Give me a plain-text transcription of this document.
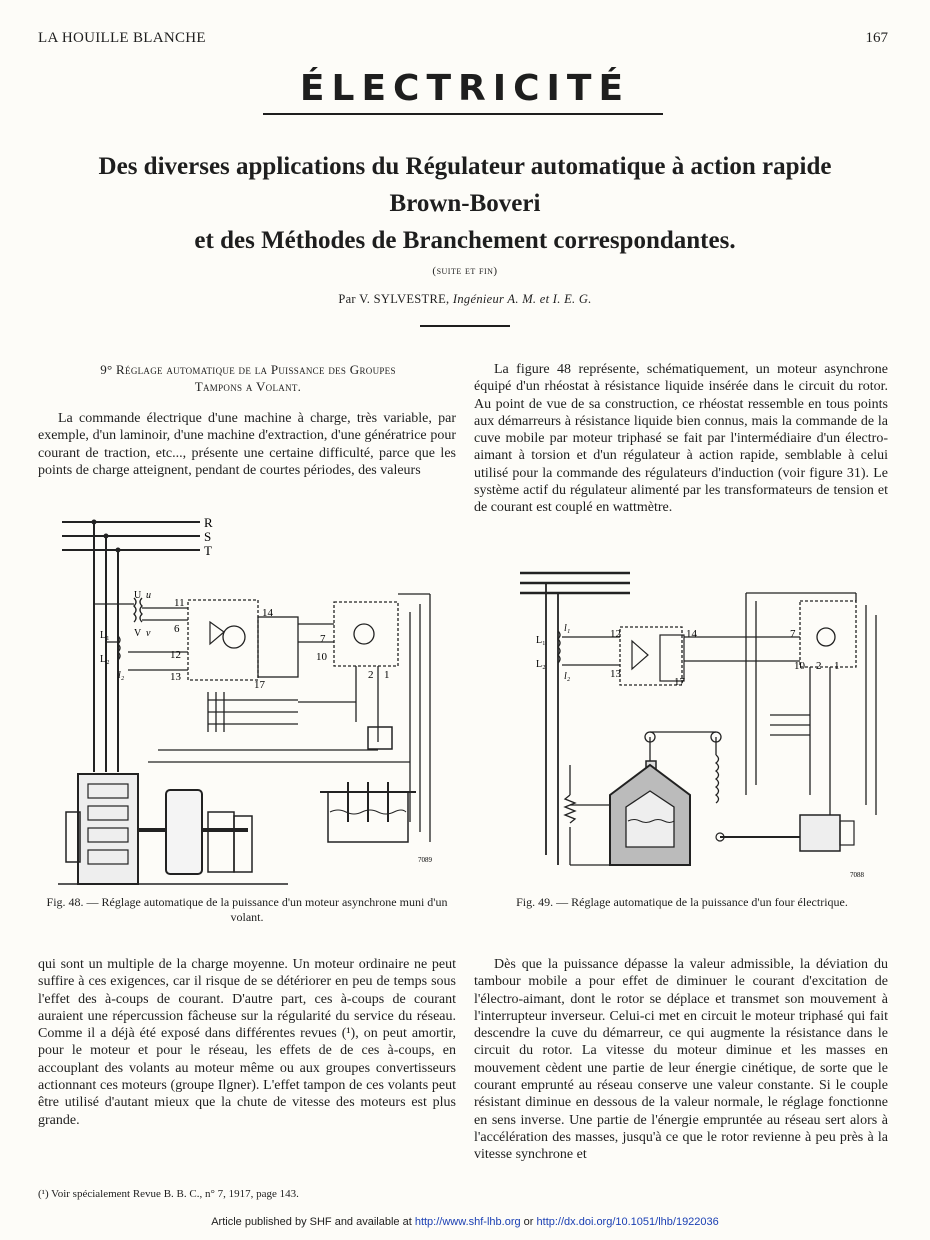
LA HOUILLE BLANCHE	167
ÉLECTRICITÉ
Des diverses applications du Régulateur automatique à action rapide
Brown-Boveri
et des Méthodes de Branchement correspondantes.
(suite et fin)
Par V. SYLVESTRE, Ingénieur A. M. et I. E. G.
9° Réglage automatique de la Puissance des Groupes
Tampons a Volant.
La commande électrique d'une machine à charge, très variable, par exemple, d'un laminoir, d'une machine d'extraction, d'une génératrice pour courant de traction, etc..., présente une certaine difficulté, parce que les points de charge atteignent, pendant de courtes périodes, des valeurs
La figure 48 représente, schématiquement, un moteur asynchrone équipé d'un rhéostat à résistance liquide insérée dans le circuit du rotor. Au point de vue de sa construction, ce rhéostat ressemble en tous points aux démarreurs à résistance liquide bien connus, mais la commande de la cuve mobile par moteur triphasé se fait par l'intermédiaire d'un électro-aimant à torsion et d'un régulateur à action rapide, semblable à celui utilisé pour la commande des régulateurs d'induction (voir figure 31). Le système actif du régulateur alimenté par les transformateurs de tension et de courant est couplé en wattmètre.
R
S
T
U u
V v
L₁
L₂
l₂
11
6
12
13
14
17
7
10
2 1
7089
L₁
L₂
l₁
l₂
12
13
14
17
7
10 2 1
7088
Fig. 48. — Réglage automatique de la puissance d'un moteur asynchrone muni d'un volant.
Fig. 49. — Réglage automatique de la puissance d'un four électrique.
qui sont un multiple de la charge moyenne. Un moteur ordinaire ne peut suffire à ces exigences, car il risque de se détériorer en peu de temps sous l'effet des à-coups de courant. D'autre part, ces à-coups de courant auraient une répercussion fâcheuse sur la régularité du service du réseau. Comme il a déjà été exposé dans différentes revues (¹), on peut amortir, pour le moteur et pour le réseau, les effets de de ces à-coups, en accouplant des volants au moteur même ou aux groupes convertisseurs actionnant ces moteurs (groupe Ilgner). L'effet tampon de ces volants peut être utilisé d'autant mieux que la chute de vitesse des moteurs est plus grande.
Dès que la puissance dépasse la valeur admissible, la déviation du tambour mobile a pour effet de diminuer le courant d'excitation de l'électro-aimant, dont le rotor se déplace et transmet son mouvement à l'interrupteur inverseur. Celui-ci met en circuit le moteur triphasé qui fait descendre la cuve du démarreur, ce qui augmente la résistance dans le circuit du rotor. La vitesse du moteur diminue et les masses en mouvement cèdent une partie de leur énergie cinétique, de sorte que le courant emprunté au réseau conserve une valeur constante. Si le couple résistant diminue en dessous de la valeur normale, le réglage fonctionne en sens inverse. Une partie de l'énergie empruntée au réseau sert alors à l'accélération des masses, jusqu'à ce que le rotor revienne à peu près à la vitesse synchrone et
(¹) Voir spécialement Revue B. B. C., n° 7, 1917, page 143.
Article published by SHF and available at http://www.shf-lhb.org or http://dx.doi.org/10.1051/lhb/1922036
